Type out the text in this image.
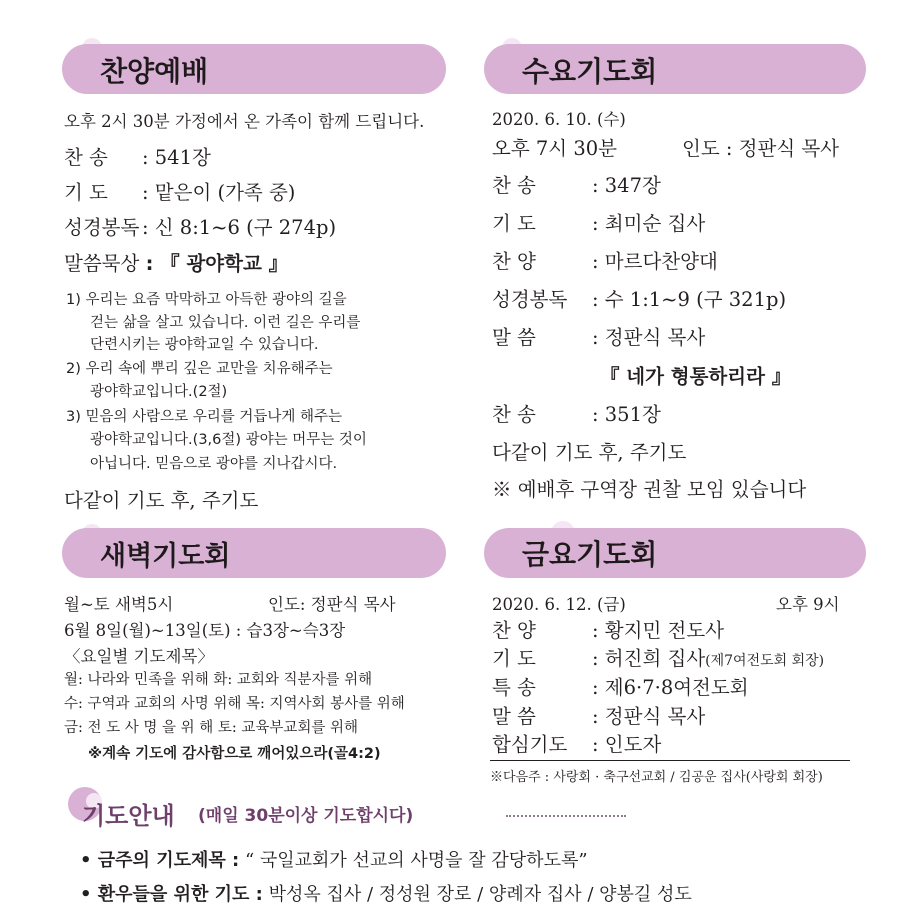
찬양예배
오후 2시 30분 가정에서 온 가족이 함께 드립니다.
찬 송 : 541장
기 도 : 맡은이 (가족 중)
성경봉독 : 신 8:1~6 (구 274p)
말씀묵상 : 『 광야학교 』
1) 우리는 요즘 막막하고 아득한 광야의 길을
걷는 삶을 살고 있습니다. 이런 길은 우리를
단련시키는 광야학교일 수 있습니다.
2) 우리 속에 뿌리 깊은 교만을 치유해주는
광야학교입니다.(2절)
3) 믿음의 사람으로 우리를 거듭나게 해주는
광야학교입니다.(3,6절) 광야는 머무는 것이
아닙니다. 믿음으로 광야를 지나갑시다.
다같이 기도 후, 주기도
수요기도회
2020. 6. 10. (수)
오후 7시 30분	인도 : 정판식 목사
찬 송	: 347장
기 도	: 최미순 집사
찬 양	: 마르다찬양대
성경봉독 : 수 1:1~9 (구 321p)
말 씀	: 정판식 목사
『 네가 형통하리라 』
찬 송	: 351장
다같이 기도 후, 주기도
※ 예배후 구역장 권찰 모임 있습니다
새벽기도회
월~토 새벽5시	인도: 정판식 목사
6월 8일(월)~13일(토) : 습3장~슥3장
〈요일별 기도제목〉
월: 나라와 민족을 위해 화: 교회와 직분자를 위해
수: 구역과 교회의 사명 위해 목: 지역사회 봉사를 위해
금: 전 도 사 명 을 위 해 토: 교육부교회를 위해
※계속 기도에 감사함으로 깨어있으라(골4:2)
금요기도회
2020. 6. 12. (금)	오후 9시
찬 양	: 황지민 전도사
기 도	: 허진희 집사(제7여전도회 회장)
특 송	: 제6·7·8여전도회
말 씀	: 정판식 목사
합심기도 : 인도자
※다음주 : 사랑회 · 축구선교회 / 김공운 집사(사랑회 회장)
기도안내 (매일 30분이상 기도합시다)
• 금주의 기도제목 : “ 국일교회가 선교의 사명을 잘 감당하도록”
• 환우들을 위한 기도 : 박성옥 집사 / 정성원 장로 / 양례자 집사 / 양봉길 성도
